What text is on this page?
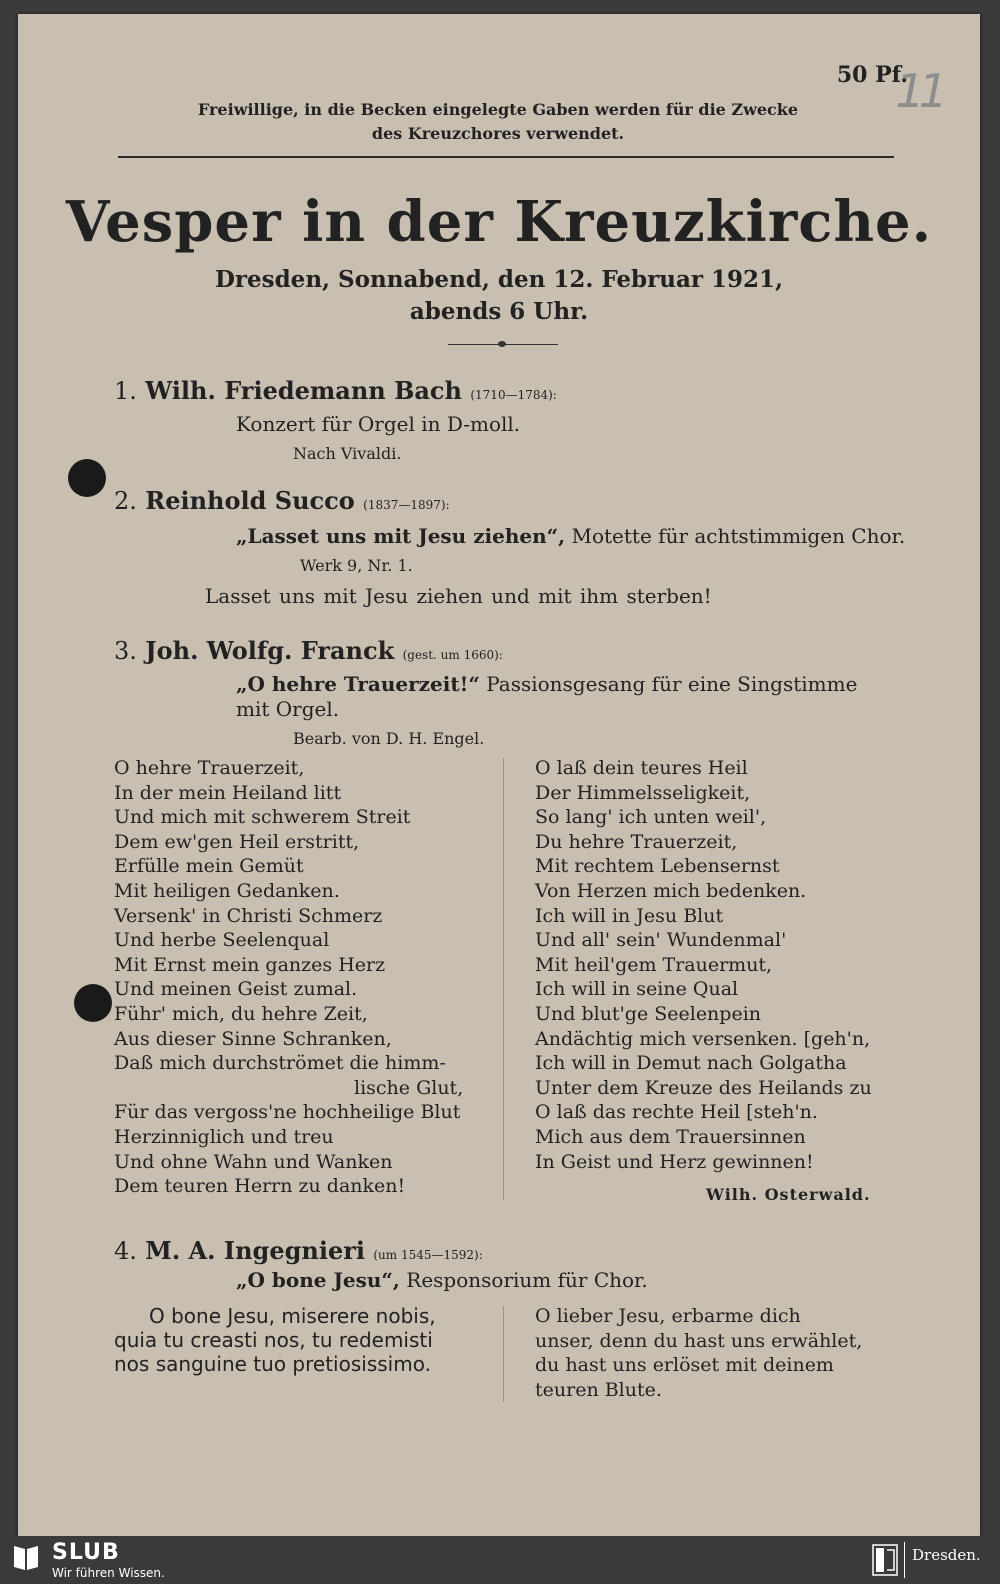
50 Pf.
11
Freiwillige, in die Becken eingelegte Gaben werden für die Zwecke
des Kreuzchores verwendet.
Vesper in der Kreuzkirche.
Dresden, Sonnabend, den 12. Februar 1921,
abends 6 Uhr.
1. Wilh. Friedemann Bach (1710—1784):
Konzert für Orgel in D-moll.
Nach Vivaldi.
2. Reinhold Succo (1837—1897):
„Lasset uns mit Jesu ziehen“, Motette für achtstimmigen Chor.
Werk 9, Nr. 1.
Lasset uns mit Jesu ziehen und mit ihm sterben!
3. Joh. Wolfg. Franck (gest. um 1660):
„O hehre Trauerzeit!“ Passionsgesang für eine Singstimme
mit Orgel.
Bearb. von D. H. Engel.
O hehre Trauerzeit,
In der mein Heiland litt
Und mich mit schwerem Streit
Dem ew'gen Heil erstritt,
Erfülle mein Gemüt
Mit heiligen Gedanken.
Versenk' in Christi Schmerz
Und herbe Seelenqual
Mit Ernst mein ganzes Herz
Und meinen Geist zumal.
Führ' mich, du hehre Zeit,
Aus dieser Sinne Schranken,
Daß mich durchströmet die himm-
lische Glut,
Für das vergoss'ne hochheilige Blut
Herzinniglich und treu
Und ohne Wahn und Wanken
Dem teuren Herrn zu danken!
O laß dein teures Heil
Der Himmelsseligkeit,
So lang' ich unten weil',
Du hehre Trauerzeit,
Mit rechtem Lebensernst
Von Herzen mich bedenken.
Ich will in Jesu Blut
Und all' sein' Wundenmal'
Mit heil'gem Trauermut,
Ich will in seine Qual
Und blut'ge Seelenpein
Andächtig mich versenken. [geh'n,
Ich will in Demut nach Golgatha
Unter dem Kreuze des Heilands zu
O laß das rechte Heil [steh'n.
Mich aus dem Trauersinnen
In Geist und Herz gewinnen!
Wilh. Osterwald.
4. M. A. Ingegnieri (um 1545—1592):
„O bone Jesu“, Responsorium für Chor.
O bone Jesu, miserere nobis,
quia tu creasti nos, tu redemisti
nos sanguine tuo pretiosissimo.
O lieber Jesu, erbarme dich
unser, denn du hast uns erwählet,
du hast uns erlöset mit deinem
teuren Blute.
SLUB
Wir führen Wissen.
Dresden.
